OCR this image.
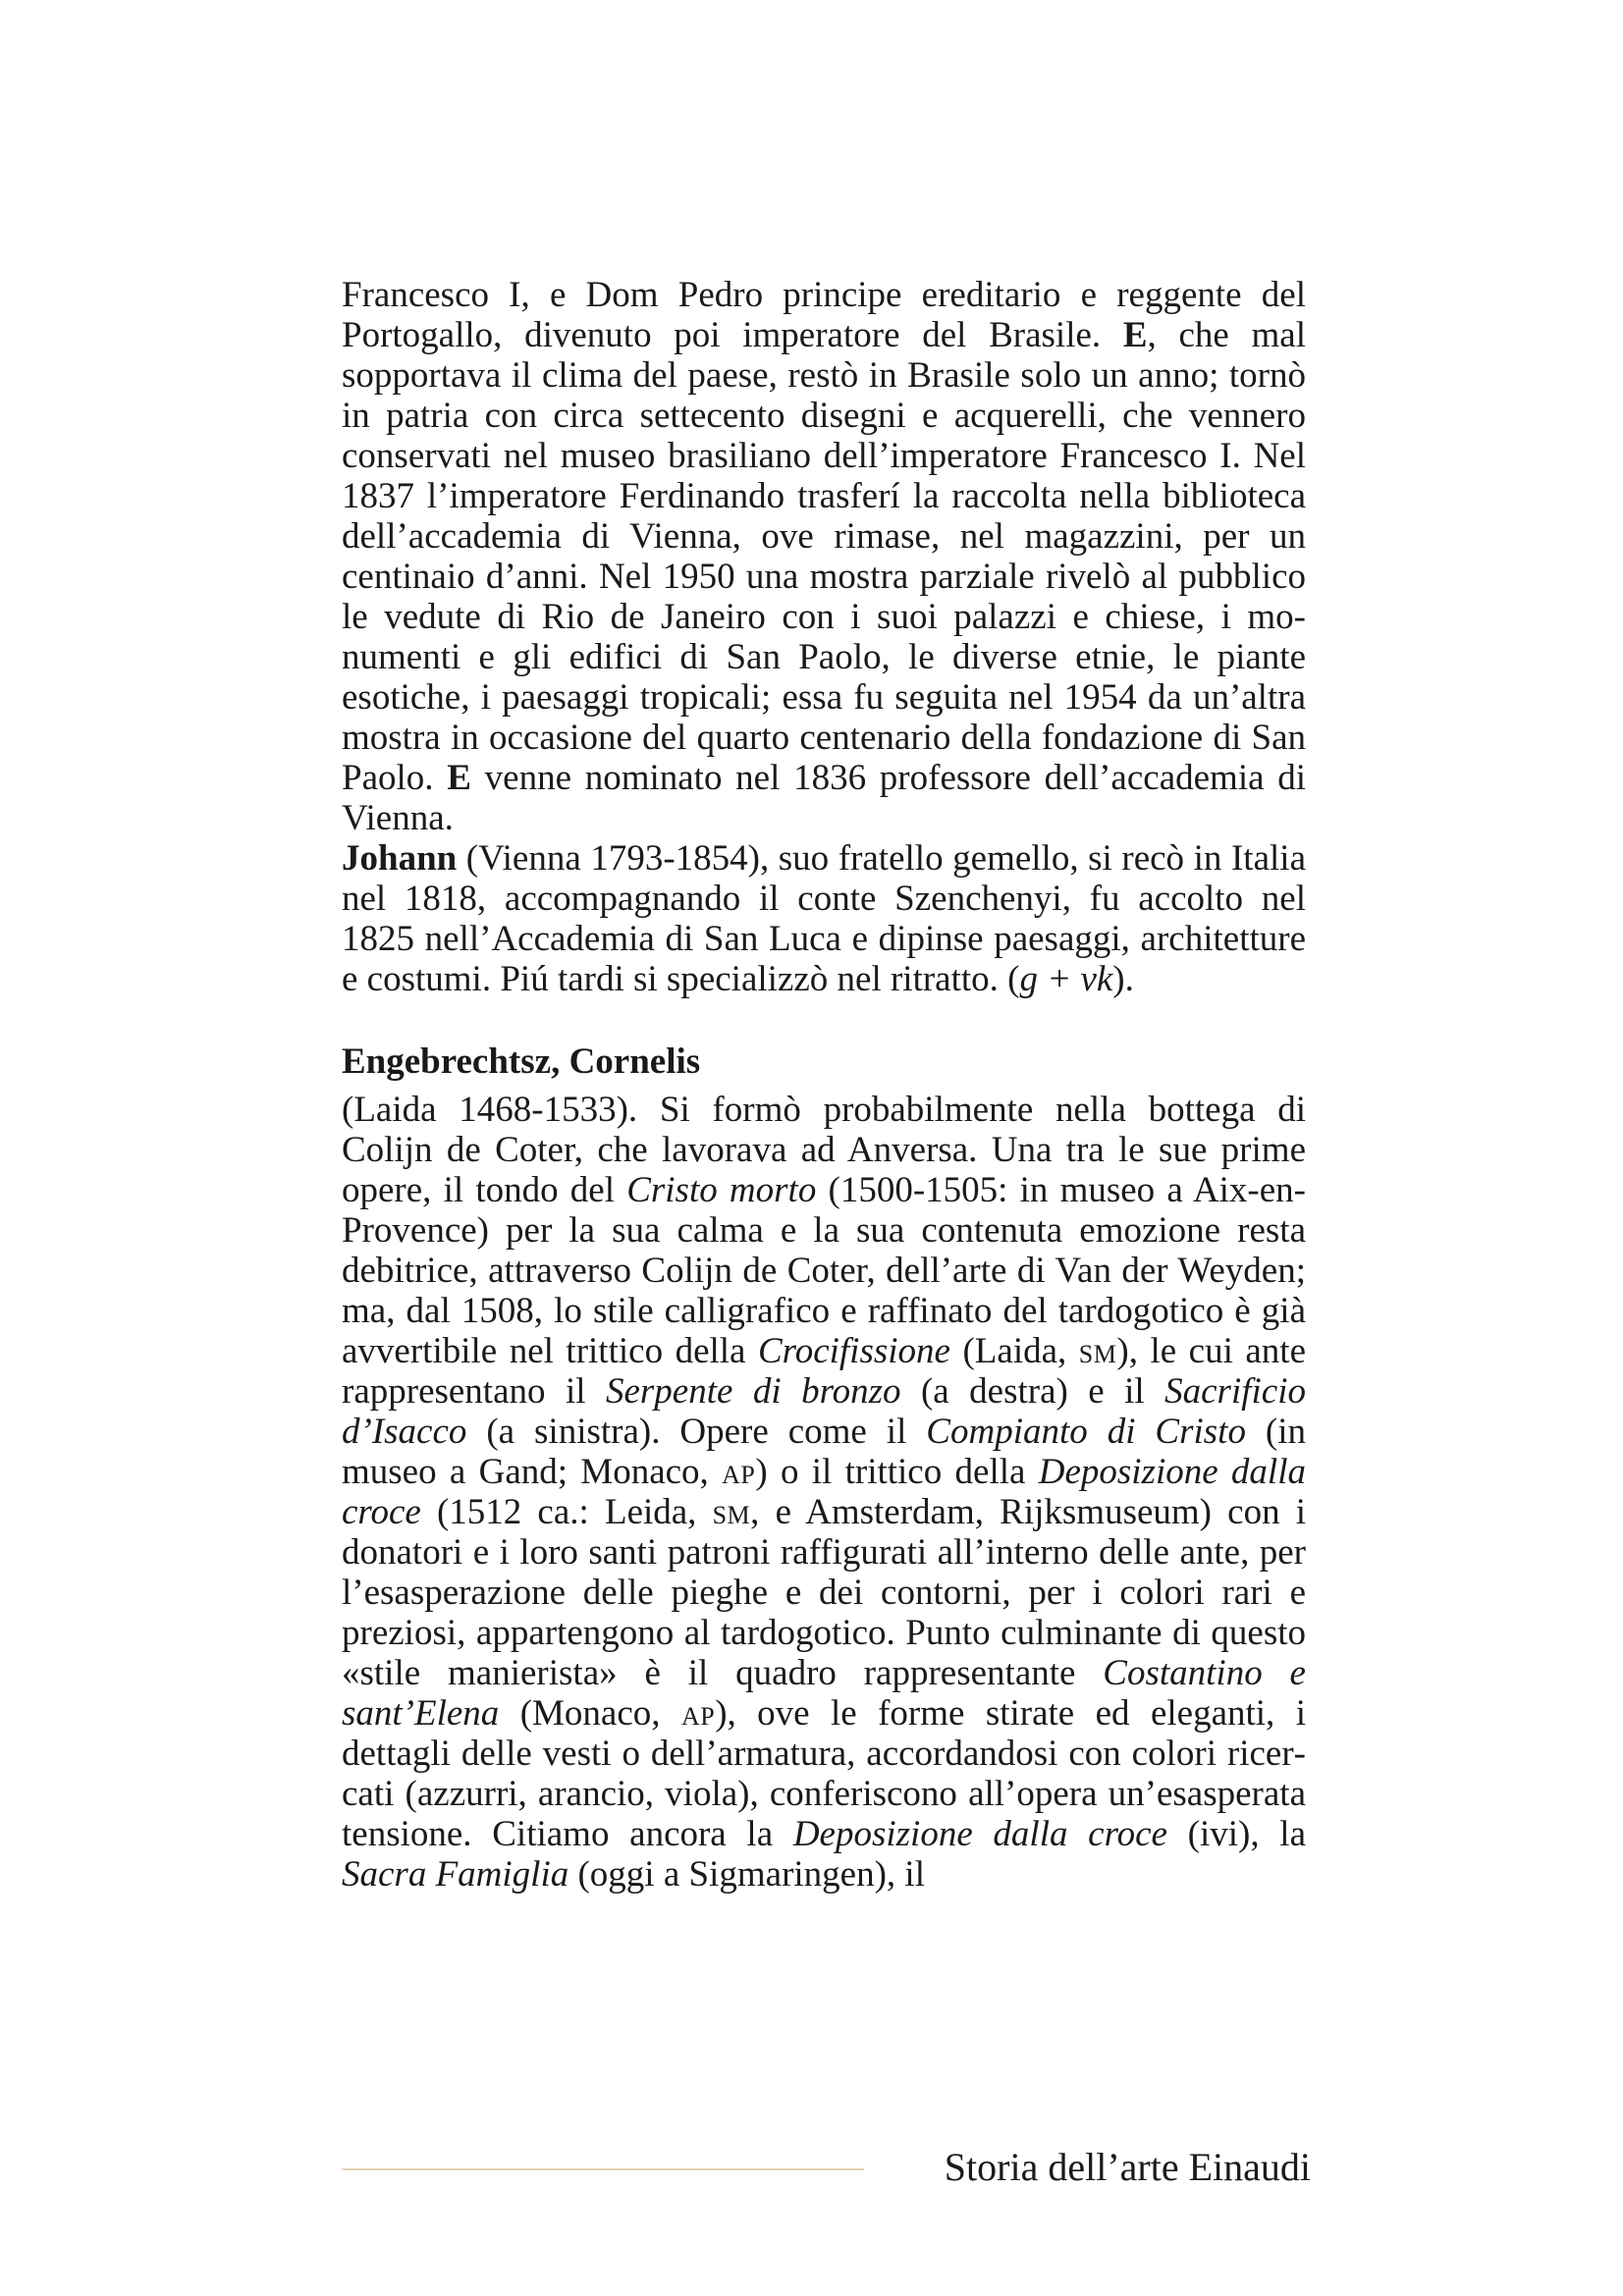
Francesco I, e Dom Pedro principe ereditario e reggente del Portogallo, divenuto poi imperatore del Brasile. E, che mal sopportava il clima del paese, restò in Brasile solo un anno; tornò in patria con circa settecento disegni e acquerelli, che vennero conservati nel museo brasiliano dell’imperatore Francesco I. Nel 1837 l’imperatore Ferdinando trasferí la raccolta nella biblioteca dell’accademia di Vienna, ove rimase, nel magazzini, per un centinaio d’anni. Nel 1950 una mostra parziale rivelò al pubblico le vedute di Rio de Janeiro con i suoi palazzi e chiese, i monumenti e gli edifici di San Paolo, le diverse etnie, le piante esotiche, i paesaggi tropicali; essa fu seguita nel 1954 da un’altra mostra in occasione del quarto centenario della fondazione di San Paolo. E venne nominato nel 1836 professore dell’accademia di Vienna.

Johann (Vienna 1793-1854), suo fratello gemello, si recò in Italia nel 1818, accompagnando il conte Szenchenyi, fu accolto nel 1825 nell’Accademia di San Luca e dipinse paesaggi, architetture e costumi. Piú tardi si specializzò nel ritratto. (g + vk).

Engebrechtsz, Cornelis

(Laida 1468-1533). Si formò probabilmente nella bottega di Colijn de Coter, che lavorava ad Anversa. Una tra le sue prime opere, il tondo del Cristo morto (1500-1505: in museo a Aix-en-Provence) per la sua calma e la sua contenuta emozione resta debitrice, attraverso Colijn de Coter, dell’arte di Van der Weyden; ma, dal 1508, lo stile calligrafico e raffinato del tardogotico è già avvertibile nel trittico della Crocifissione (Laida, sm), le cui ante rappresentano il Serpente di bronzo (a destra) e il Sacrificio d’Isacco (a sinistra). Opere come il Compianto di Cristo (in museo a Gand; Monaco, ap) o il trittico della Deposizione dalla croce (1512 ca.: Leida, sm, e Amsterdam, Rijksmuseum) con i donatori e i loro santi patroni raffigurati all’interno delle ante, per l’esasperazione delle pieghe e dei contorni, per i colori rari e preziosi, appartengono al tardogotico. Punto culminante di questo «stile manierista» è il quadro rappresentante Costantino e sant’Elena (Monaco, ap), ove le forme stirate ed eleganti, i dettagli delle vesti o dell’armatura, accordandosi con colori ricercati (azzurri, arancio, viola), conferiscono all’opera un’esasperata tensione. Citiamo ancora la Deposizione dalla croce (ivi), la Sacra Famiglia (oggi a Sigmaringen), il

Storia dell’arte Einaudi
